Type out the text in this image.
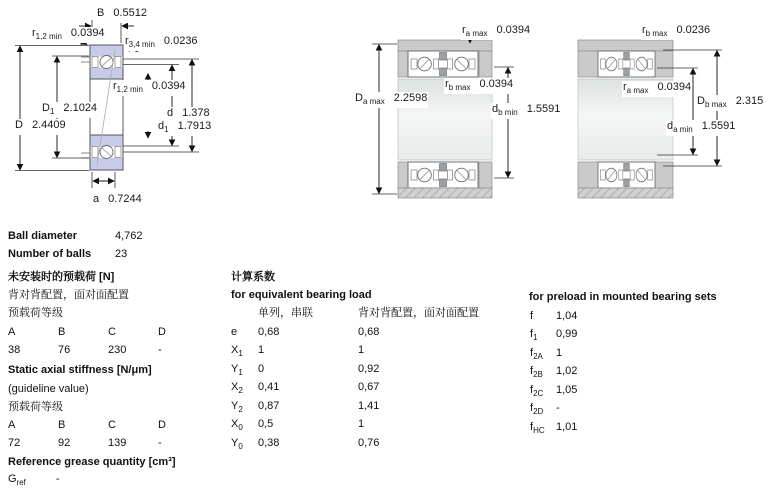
B 0.5512
$r_{1,2 min}$ 0.0394
$r_{3,4 min}$ 0.0236
$r_{1,2 min}$ 0.0394
$D_1$ 2.1024
D 2.4409
d 1.378
$d_1$ 1.7913
a 0.7244
$r_{a max}$ 0.0394
$D_{a max}$ 2.2598
$r_{b max}$ 0.0394
$d_{b min}$ 1.5591
$r_{b max}$ 0.0236
$r_{a max}$ 0.0394
$D_{b max}$ 2.315
$d_{a min}$ 1.5591
Ball diameter	4,762
Number of balls 23
未安装时的预载荷 [N]
背对背配置，面对面配置
预载荷等级
A	B	C	D
38	76	230	-
Static axial stiffness [N/μm]
(guideline value)
预载荷等级
A	B	C	D
72	92	139	-
Reference grease quantity [cm³]
$G_{ref}$	-
计算系数
for equivalent bearing load
单列，串联	背对背配置，面对面配置
e 0,68	0,68
$X_1$ 1	1
$Y_1$ 0	0,92
$X_2$ 0,41	0,67
$Y_2$ 0,87	1,41
$X_0$ 0,5	1
$Y_0$ 0,38	0,76
for preload in mounted bearing sets
f 1,04
$f_1$ 0,99
$f_{2A}$ 1
$f_{2B}$ 1,02
$f_{2C}$ 1,05
$f_{2D}$ -
$f_{HC}$ 1,01
